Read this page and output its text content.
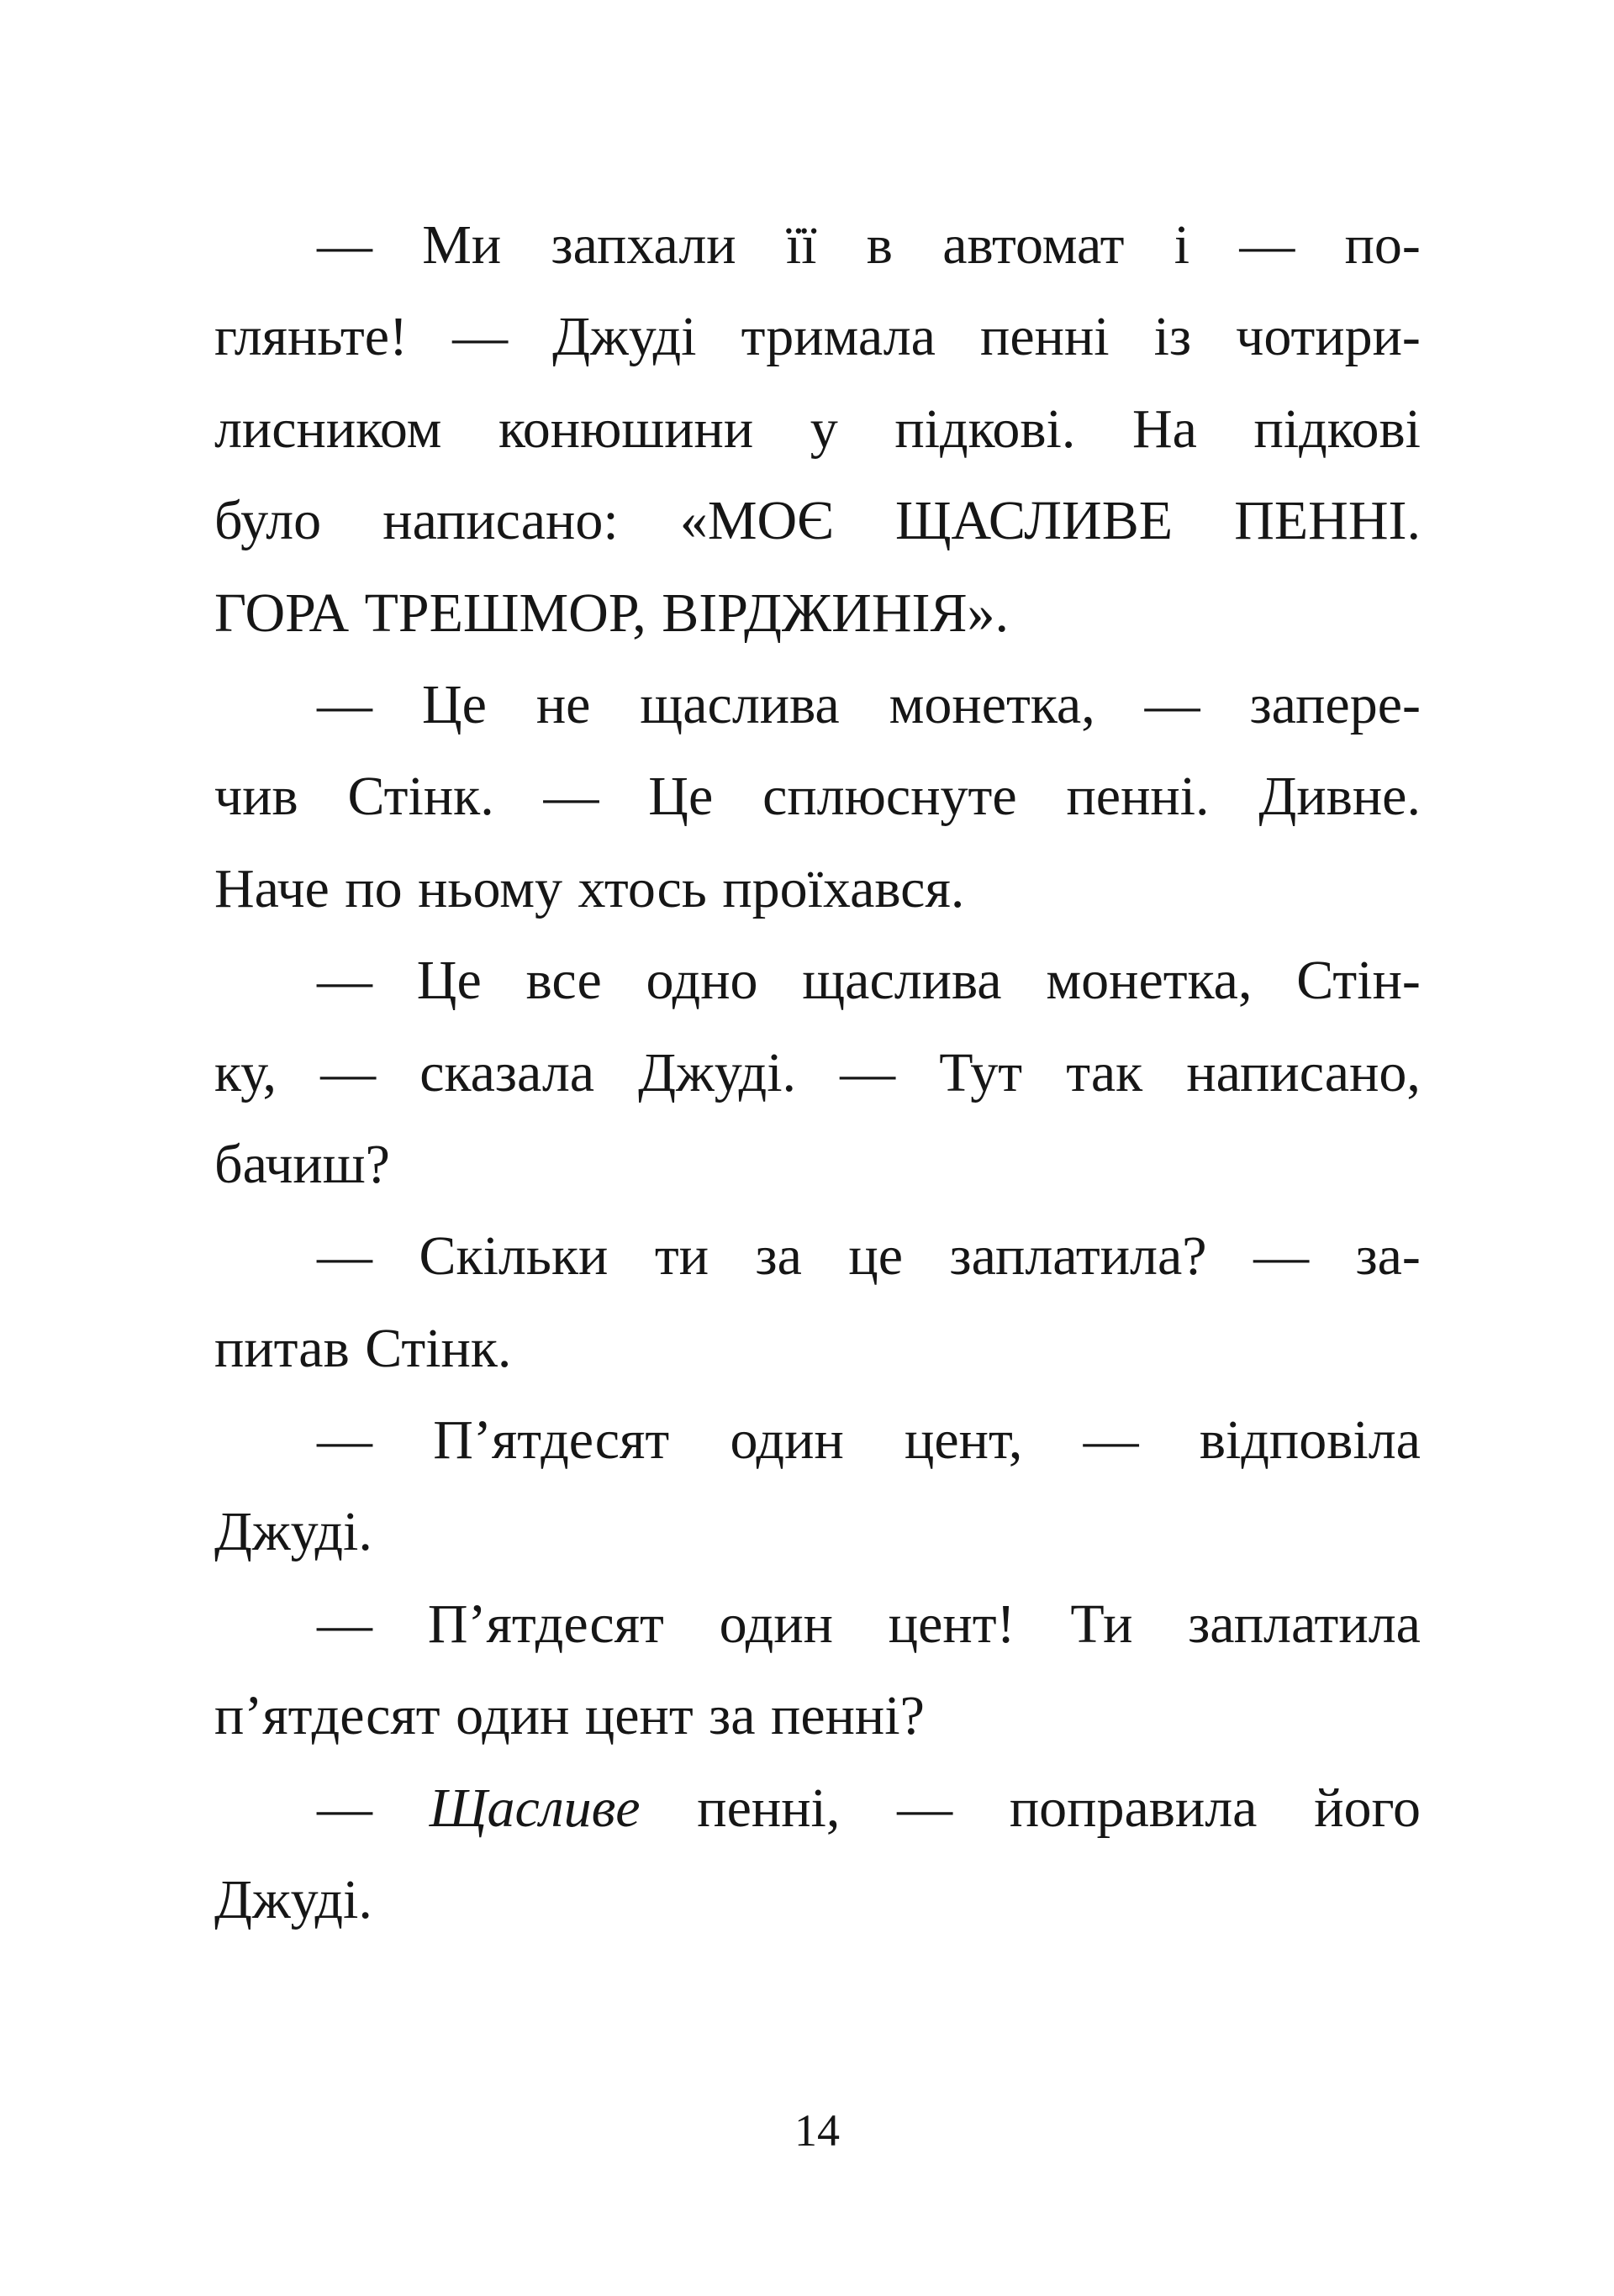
— Ми запхали її в автомат і — по-
гляньте! — Джуді тримала пенні із чотири-
лисником конюшини у підкові. На підкові
було написано: «МОЄ ЩАСЛИВЕ ПЕННІ.
ГОРА ТРЕШМОР, ВІРДЖИНІЯ».
— Це не щаслива монетка, — запере-
чив Стінк. — Це сплюснуте пенні. Дивне.
Наче по ньому хтось проїхався.
— Це все одно щаслива монетка, Стін-
ку, — сказала Джуді. — Тут так написано,
бачиш?
— Скільки ти за це заплатила? — за-
питав Стінк.
— П’ятдесят один цент, — відповіла
Джуді.
— П’ятдесят один цент! Ти заплатила
п’ятдесят один цент за пенні?
— Щасливе пенні, — поправила його
Джуді.
14
